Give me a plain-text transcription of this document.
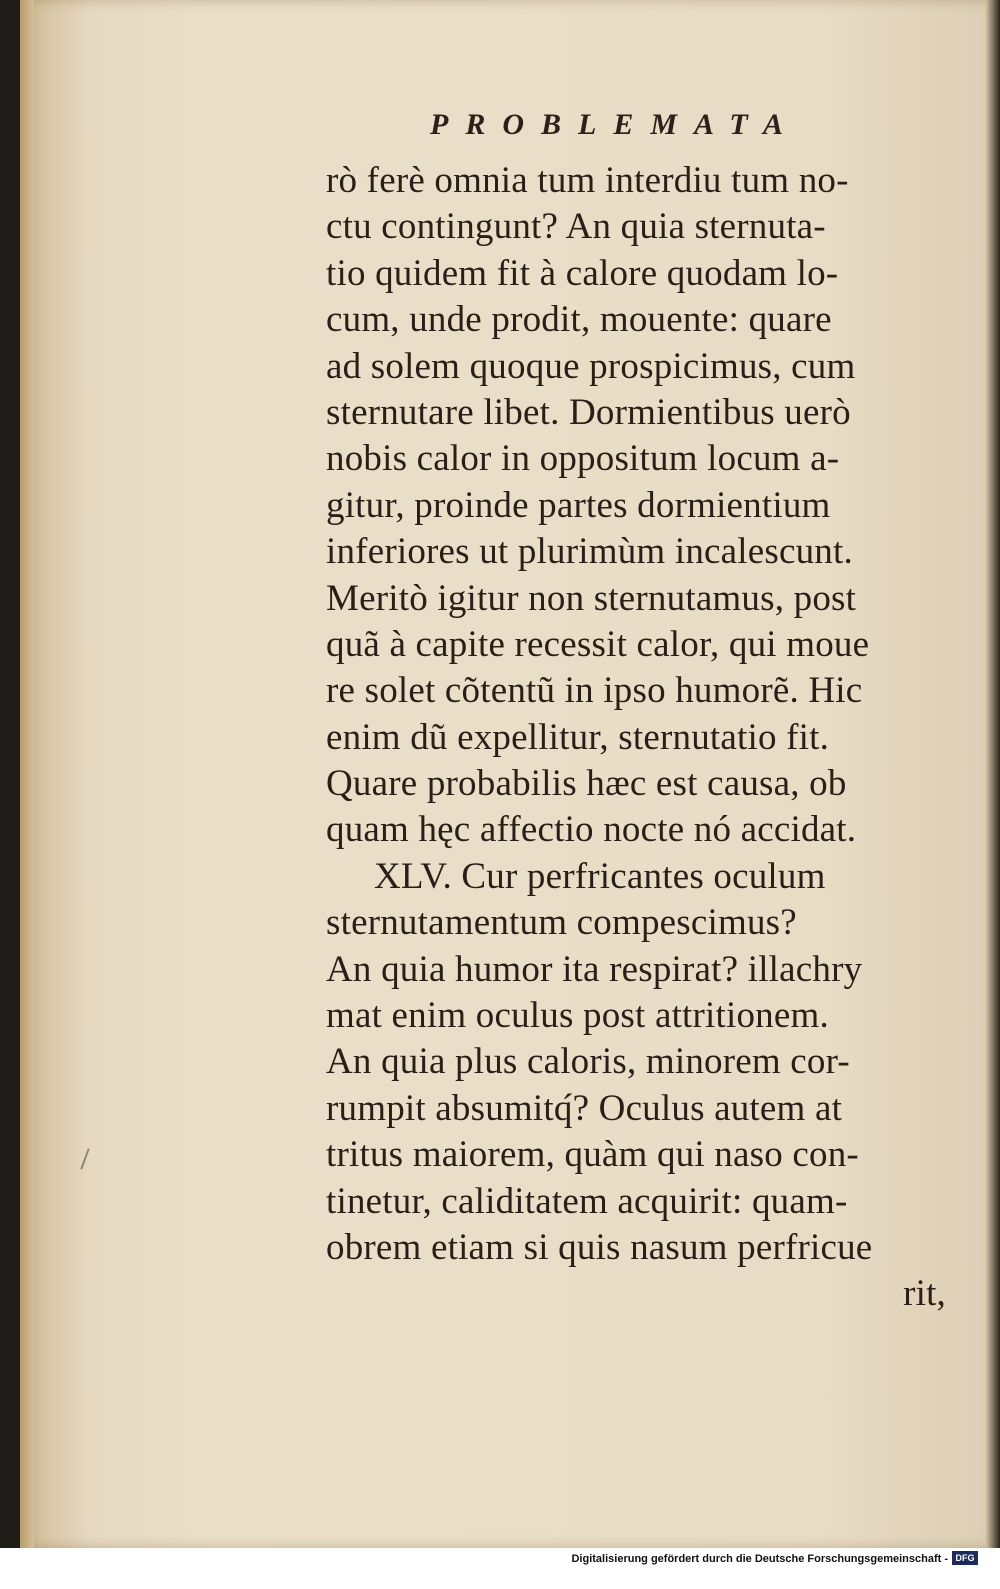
PROBLEMATA
rò ferè omnia tum interdiu tum no-
ctu contingunt? An quia sternuta-
tio quidem fit à calore quodam lo-
cum, unde prodit, mouente: quare
ad solem quoque prospicimus, cum
sternutare libet. Dormientibus uerò
nobis calor in oppositum locum a-
gitur, proinde partes dormientium
inferiores ut plurimùm incalescunt.
Meritò igitur non sternutamus, post
quã à capite recessit calor, qui moue
re solet cõtentũ in ipso humorẽ. Hic
enim dũ expellitur, sternutatio fit.
Quare probabilis hæc est causa, ob
quam hęc affectio nocte nó accidat.
XLV. Cur perfricantes oculum
sternutamentum compescimus?
An quia humor ita respirat? illachry
mat enim oculus post attritionem.
An quia plus caloris, minorem cor-
rumpit absumitq́? Oculus autem at
tritus maiorem, quàm qui naso con-
tinetur, caliditatem acquirit: quam-
obrem etiam si quis nasum perfricue
rit,
Digitalisierung gefördert durch die Deutsche Forschungsgemeinschaft - DFG
